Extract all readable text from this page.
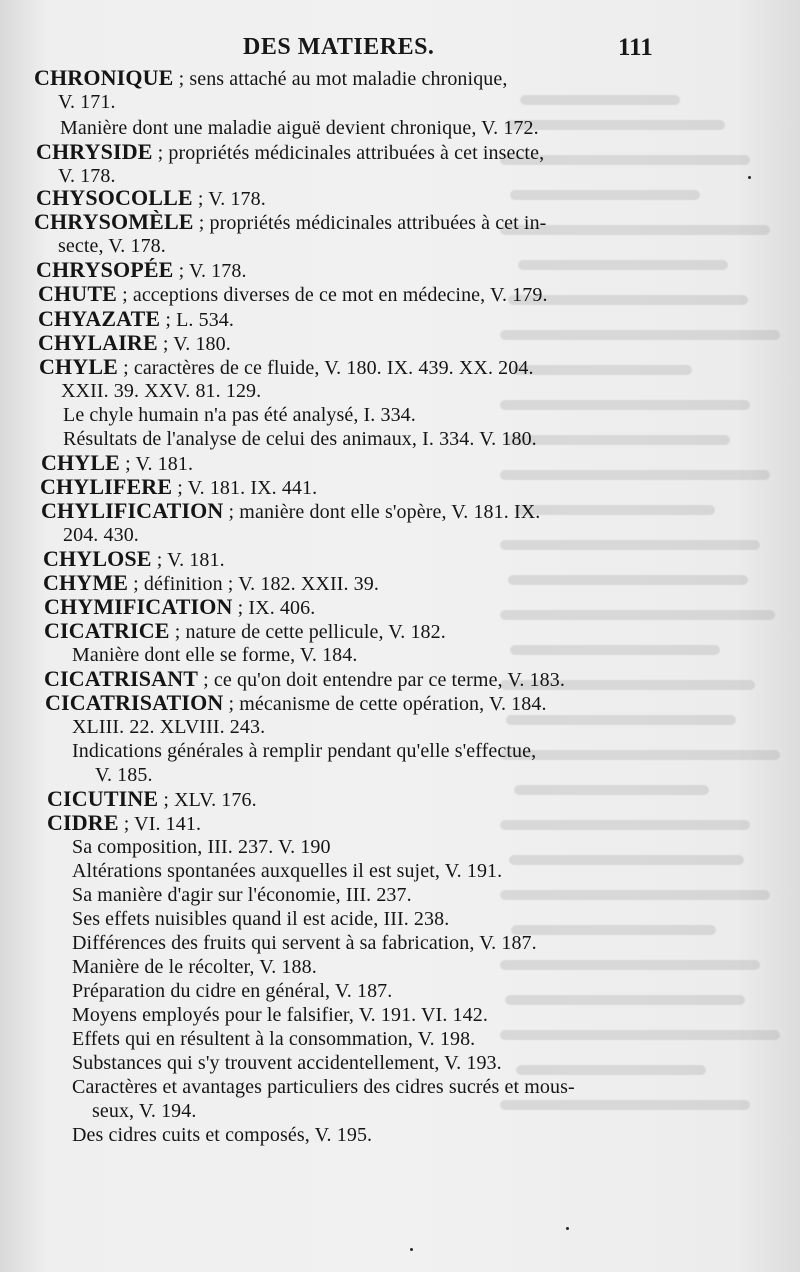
DES MATIERES.	111
CHRONIQUE ; sens attaché au mot maladie chronique,
V. 171.
Manière dont une maladie aiguë devient chronique, V. 172.
CHRYSIDE ; propriétés médicinales attribuées à cet insecte,
V. 178.
CHYSOCOLLE ; V. 178.
CHRYSOMÈLE ; propriétés médicinales attribuées à cet in-
secte, V. 178.
CHRYSOPÉE ; V. 178.
CHUTE ; acceptions diverses de ce mot en médecine, V. 179.
CHYAZATE ; L. 534.
CHYLAIRE ; V. 180.
CHYLE ; caractères de ce fluide, V. 180. IX. 439. XX. 204.
XXII. 39. XXV. 81. 129.
Le chyle humain n'a pas été analysé, I. 334.
Résultats de l'analyse de celui des animaux, I. 334. V. 180.
CHYLE ; V. 181.
CHYLIFERE ; V. 181. IX. 441.
CHYLIFICATION ; manière dont elle s'opère, V. 181. IX.
204. 430.
CHYLOSE ; V. 181.
CHYME ; définition ; V. 182. XXII. 39.
CHYMIFICATION ; IX. 406.
CICATRICE ; nature de cette pellicule, V. 182.
Manière dont elle se forme, V. 184.
CICATRISANT ; ce qu'on doit entendre par ce terme, V. 183.
CICATRISATION ; mécanisme de cette opération, V. 184.
XLIII. 22. XLVIII. 243.
Indications générales à remplir pendant qu'elle s'effectue,
V. 185.
CICUTINE ; XLV. 176.
CIDRE ; VI. 141.
Sa composition, III. 237. V. 190
Altérations spontanées auxquelles il est sujet, V. 191.
Sa manière d'agir sur l'économie, III. 237.
Ses effets nuisibles quand il est acide, III. 238.
Différences des fruits qui servent à sa fabrication, V. 187.
Manière de le récolter, V. 188.
Préparation du cidre en général, V. 187.
Moyens employés pour le falsifier, V. 191. VI. 142.
Effets qui en résultent à la consommation, V. 198.
Substances qui s'y trouvent accidentellement, V. 193.
Caractères et avantages particuliers des cidres sucrés et mous-
seux, V. 194.
Des cidres cuits et composés, V. 195.
